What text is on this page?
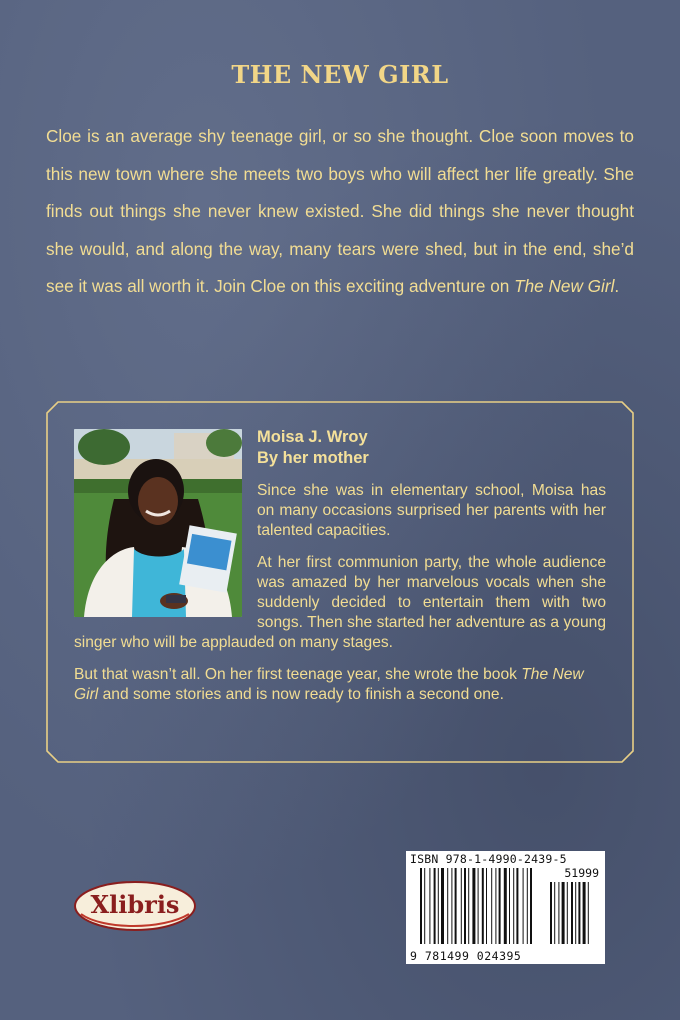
THE NEW GIRL
Cloe is an average shy teenage girl, or so she thought. Cloe soon moves to this new town where she meets two boys who will affect her life greatly. She finds out things she never knew existed. She did things she never thought she would, and along the way, many tears were shed, but in the end, she’d see it was all worth it. Join Cloe on this exciting adventure on The New Girl.
Moisa J. Wroy
By her mother

Since she was in elementary school, Moisa has on many occasions surprised her parents with her talented capacities.

At her first communion party, the whole audience was amazed by her marvelous vocals when she suddenly decided to entertain them with two songs. Then she started her adventure as a young singer who will be applauded on many stages.

But that wasn’t all. On her first teenage year, she wrote the book The New Girl and some stories and is now ready to finish a second one.

Xlibris
ISBN 978-1-4990-2439-5
51999
9 781499 024395
